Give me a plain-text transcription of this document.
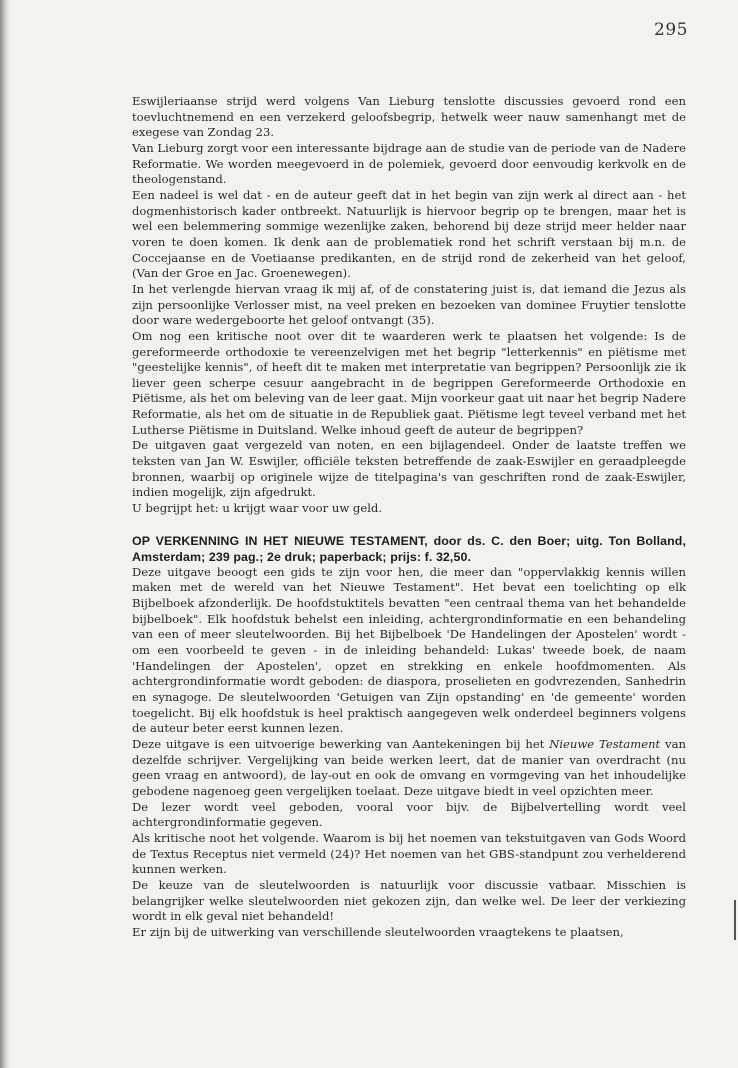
295

Eswijleriaanse strijd werd volgens Van Lieburg tenslotte discussies gevoerd rond een toevluchtnemend en een verzekerd geloofsbegrip, hetwelk weer nauw samenhangt met de exegese van Zondag 23.

Van Lieburg zorgt voor een interessante bijdrage aan de studie van de periode van de Nadere Reformatie. We worden meegevoerd in de polemiek, gevoerd door eenvoudig kerkvolk en de theologenstand.

Een nadeel is wel dat - en de auteur geeft dat in het begin van zijn werk al direct aan - het dogmenhistorisch kader ontbreekt. Natuurlijk is hiervoor begrip op te brengen, maar het is wel een belemmering sommige wezenlijke zaken, behorend bij deze strijd meer helder naar voren te doen komen. Ik denk aan de problematiek rond het schrift verstaan bij m.n. de Coccejaanse en de Voetiaanse predikanten, en de strijd rond de zekerheid van het geloof, (Van der Groe en Jac. Groenewegen).

In het verlengde hiervan vraag ik mij af, of de constatering juist is, dat iemand die Jezus als zijn persoonlijke Verlosser mist, na veel preken en bezoeken van dominee Fruytier tenslotte door ware wedergeboorte het geloof ontvangt (35).

Om nog een kritische noot over dit te waarderen werk te plaatsen het volgende: Is de gereformeerde orthodoxie te vereenzelvigen met het begrip "letterkennis" en piëtisme met "geestelijke kennis", of heeft dit te maken met interpretatie van begrippen? Persoonlijk zie ik liever geen scherpe cesuur aangebracht in de begrippen Gereformeerde Orthodoxie en Piëtisme, als het om beleving van de leer gaat. Mijn voorkeur gaat uit naar het begrip Nadere Reformatie, als het om de situatie in de Republiek gaat. Piëtisme legt teveel verband met het Lutherse Piëtisme in Duitsland. Welke inhoud geeft de auteur de begrippen?

De uitgaven gaat vergezeld van noten, en een bijlagendeel. Onder de laatste treffen we teksten van Jan W. Eswijler, officiële teksten betreffende de zaak-Eswijler en geraadpleegde bronnen, waarbij op originele wijze de titelpagina's van geschriften rond de zaak-Eswijler, indien mogelijk, zijn afgedrukt.

U begrijpt het: u krijgt waar voor uw geld.

OP VERKENNING IN HET NIEUWE TESTAMENT, door ds. C. den Boer; uitg. Ton Bolland, Amsterdam; 239 pag.; 2e druk; paperback; prijs: f. 32,50.

Deze uitgave beoogt een gids te zijn voor hen, die meer dan "oppervlakkig kennis willen maken met de wereld van het Nieuwe Testament". Het bevat een toelichting op elk Bijbelboek afzonderlijk. De hoofdstuktitels bevatten "een centraal thema van het behandelde bijbelboek". Elk hoofdstuk behelst een inleiding, achtergrondinformatie en een behandeling van een of meer sleutelwoorden. Bij het Bijbelboek 'De Handelingen der Apostelen' wordt - om een voorbeeld te geven - in de inleiding behandeld: Lukas' tweede boek, de naam 'Handelingen der Apostelen', opzet en strekking en enkele hoofdmomenten. Als achtergrondinformatie wordt geboden: de diaspora, proselieten en godvrezenden, Sanhedrin en synagoge. De sleutelwoorden 'Getuigen van Zijn opstanding' en 'de gemeente' worden toegelicht. Bij elk hoofdstuk is heel praktisch aangegeven welk onderdeel beginners volgens de auteur beter eerst kunnen lezen.

Deze uitgave is een uitvoerige bewerking van Aantekeningen bij het Nieuwe Testament van dezelfde schrijver. Vergelijking van beide werken leert, dat de manier van overdracht (nu geen vraag en antwoord), de lay-out en ook de omvang en vormgeving van het inhoudelijke gebodene nagenoeg geen vergelijken toelaat. Deze uitgave biedt in veel opzichten meer.

De lezer wordt veel geboden, vooral voor bijv. de Bijbelvertelling wordt veel achtergrondinformatie gegeven.

Als kritische noot het volgende. Waarom is bij het noemen van tekstuitgaven van Gods Woord de Textus Receptus niet vermeld (24)? Het noemen van het GBS-standpunt zou verhelderend kunnen werken.

De keuze van de sleutelwoorden is natuurlijk voor discussie vatbaar. Misschien is belangrijker welke sleutelwoorden niet gekozen zijn, dan welke wel. De leer der verkiezing wordt in elk geval niet behandeld!

Er zijn bij de uitwerking van verschillende sleutelwoorden vraagtekens te plaatsen,
